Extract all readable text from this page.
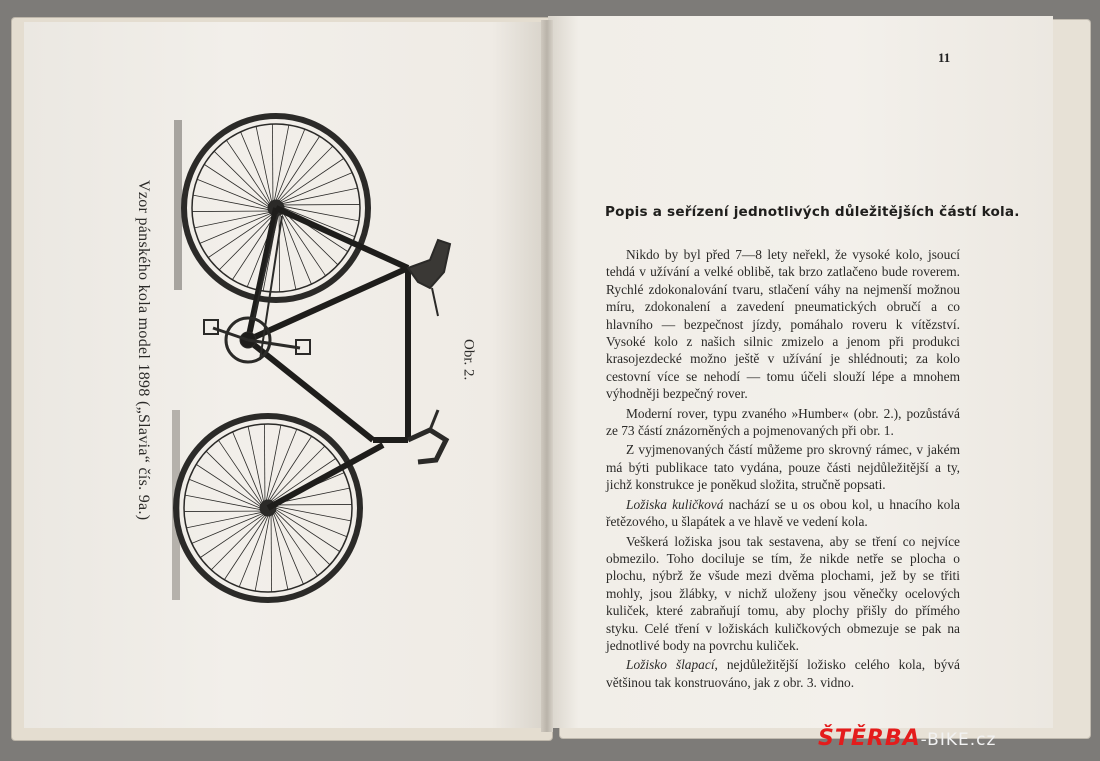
Vzor pánského kola model 1898 („Slavia“ čís. 9a.)	Obr. 2.
11
Popis a seřízení jednotlivých důležitějších částí kola.

Nikdo by byl před 7—8 lety neřekl, že vysoké kolo, jsoucí tehdá v užívání a velké oblibě, tak brzo zatlačeno bude roverem. Rychlé zdokonalování tvaru, stlačení váhy na nejmenší možnou míru, zdokonalení a zavedení pneumatických obručí a co hlavního — bezpečnost jízdy, pomáhalo roveru k vítězství. Vysoké kolo z našich silnic zmizelo a jenom při produkci krasojezdecké možno ještě v užívání je shlédnouti; za kolo cestovní více se nehodí — tomu účeli slouží lépe a mnohem výhodněji bezpečný rover.

Moderní rover, typu zvaného »Humber« (obr. 2.), pozůstává ze 73 částí znázorněných a pojmenovaných při obr. 1.

Z vyjmenovaných částí můžeme pro skrovný rámec, v jakém má býti publikace tato vydána, pouze části nejdůležitější a ty, jichž konstrukce je poněkud složita, stručně popsati.

Ložiska kuličková nachází se u os obou kol, u hnacího kola řetězového, u šlapátek a ve hlavě ve vedení kola.

Veškerá ložiska jsou tak sestavena, aby se tření co nejvíce obmezilo. Toho dociluje se tím, že nikde netře se plocha o plochu, nýbrž že všude mezi dvěma plochami, jež by se třiti mohly, jsou žlábky, v nichž uloženy jsou věnečky ocelových kuliček, které zabraňují tomu, aby plochy přišly do přímého styku. Celé tření v ložiskách kuličkových obmezuje se pak na jednotlivé body na povrchu kuliček.

Ložisko šlapací, nejdůležitější ložisko celého kola, bývá většinou tak konstruováno, jak z obr. 3. vidno.

ŠTĚRBA-BIKE.cz
